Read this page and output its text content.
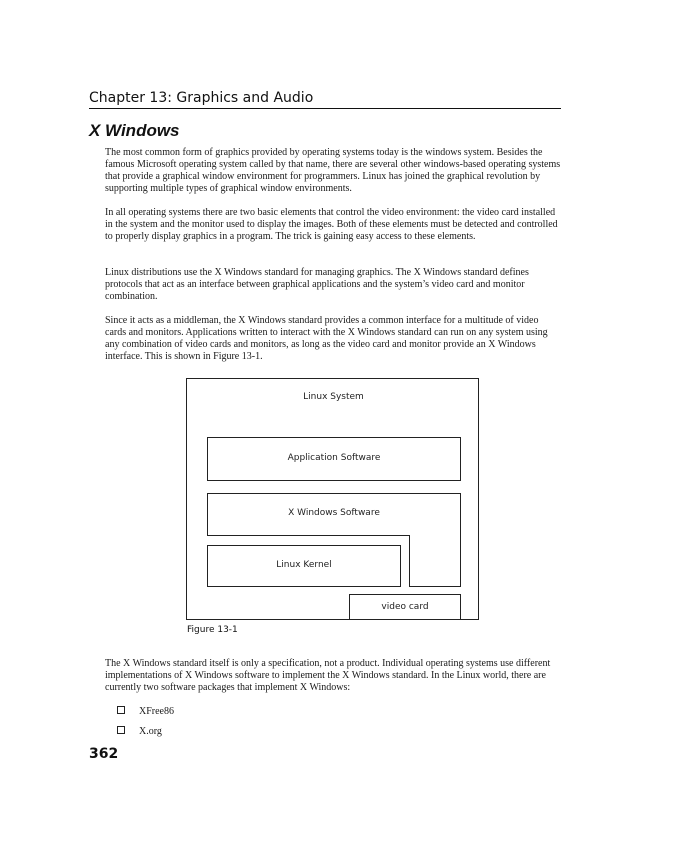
Chapter 13: Graphics and Audio
X Windows
The most common form of graphics provided by operating systems today is the windows system. Besides the famous Microsoft operating system called by that name, there are several other windows-based operating systems that provide a graphical window environment for programmers. Linux has joined the graphical revolution by supporting multiple types of graphical window environments.
In all operating systems there are two basic elements that control the video environment: the video card installed in the system and the monitor used to display the images. Both of these elements must be detected and controlled to properly display graphics in a program. The trick is gaining easy access to these elements.
Linux distributions use the X Windows standard for managing graphics. The X Windows standard defines protocols that act as an interface between graphical applications and the system’s video card and monitor combination.
Since it acts as a middleman, the X Windows standard provides a common interface for a multitude of video cards and monitors. Applications written to interact with the X Windows standard can run on any system using any combination of video cards and monitors, as long as the video card and monitor provide an X Windows interface. This is shown in Figure 13-1.
Linux System
Application Software
X Windows Software
Linux Kernel
video card
Figure 13-1
The X Windows standard itself is only a specification, not a product. Individual operating systems use different implementations of X Windows software to implement the X Windows standard. In the Linux world, there are currently two software packages that implement X Windows:
XFree86
X.org
362
